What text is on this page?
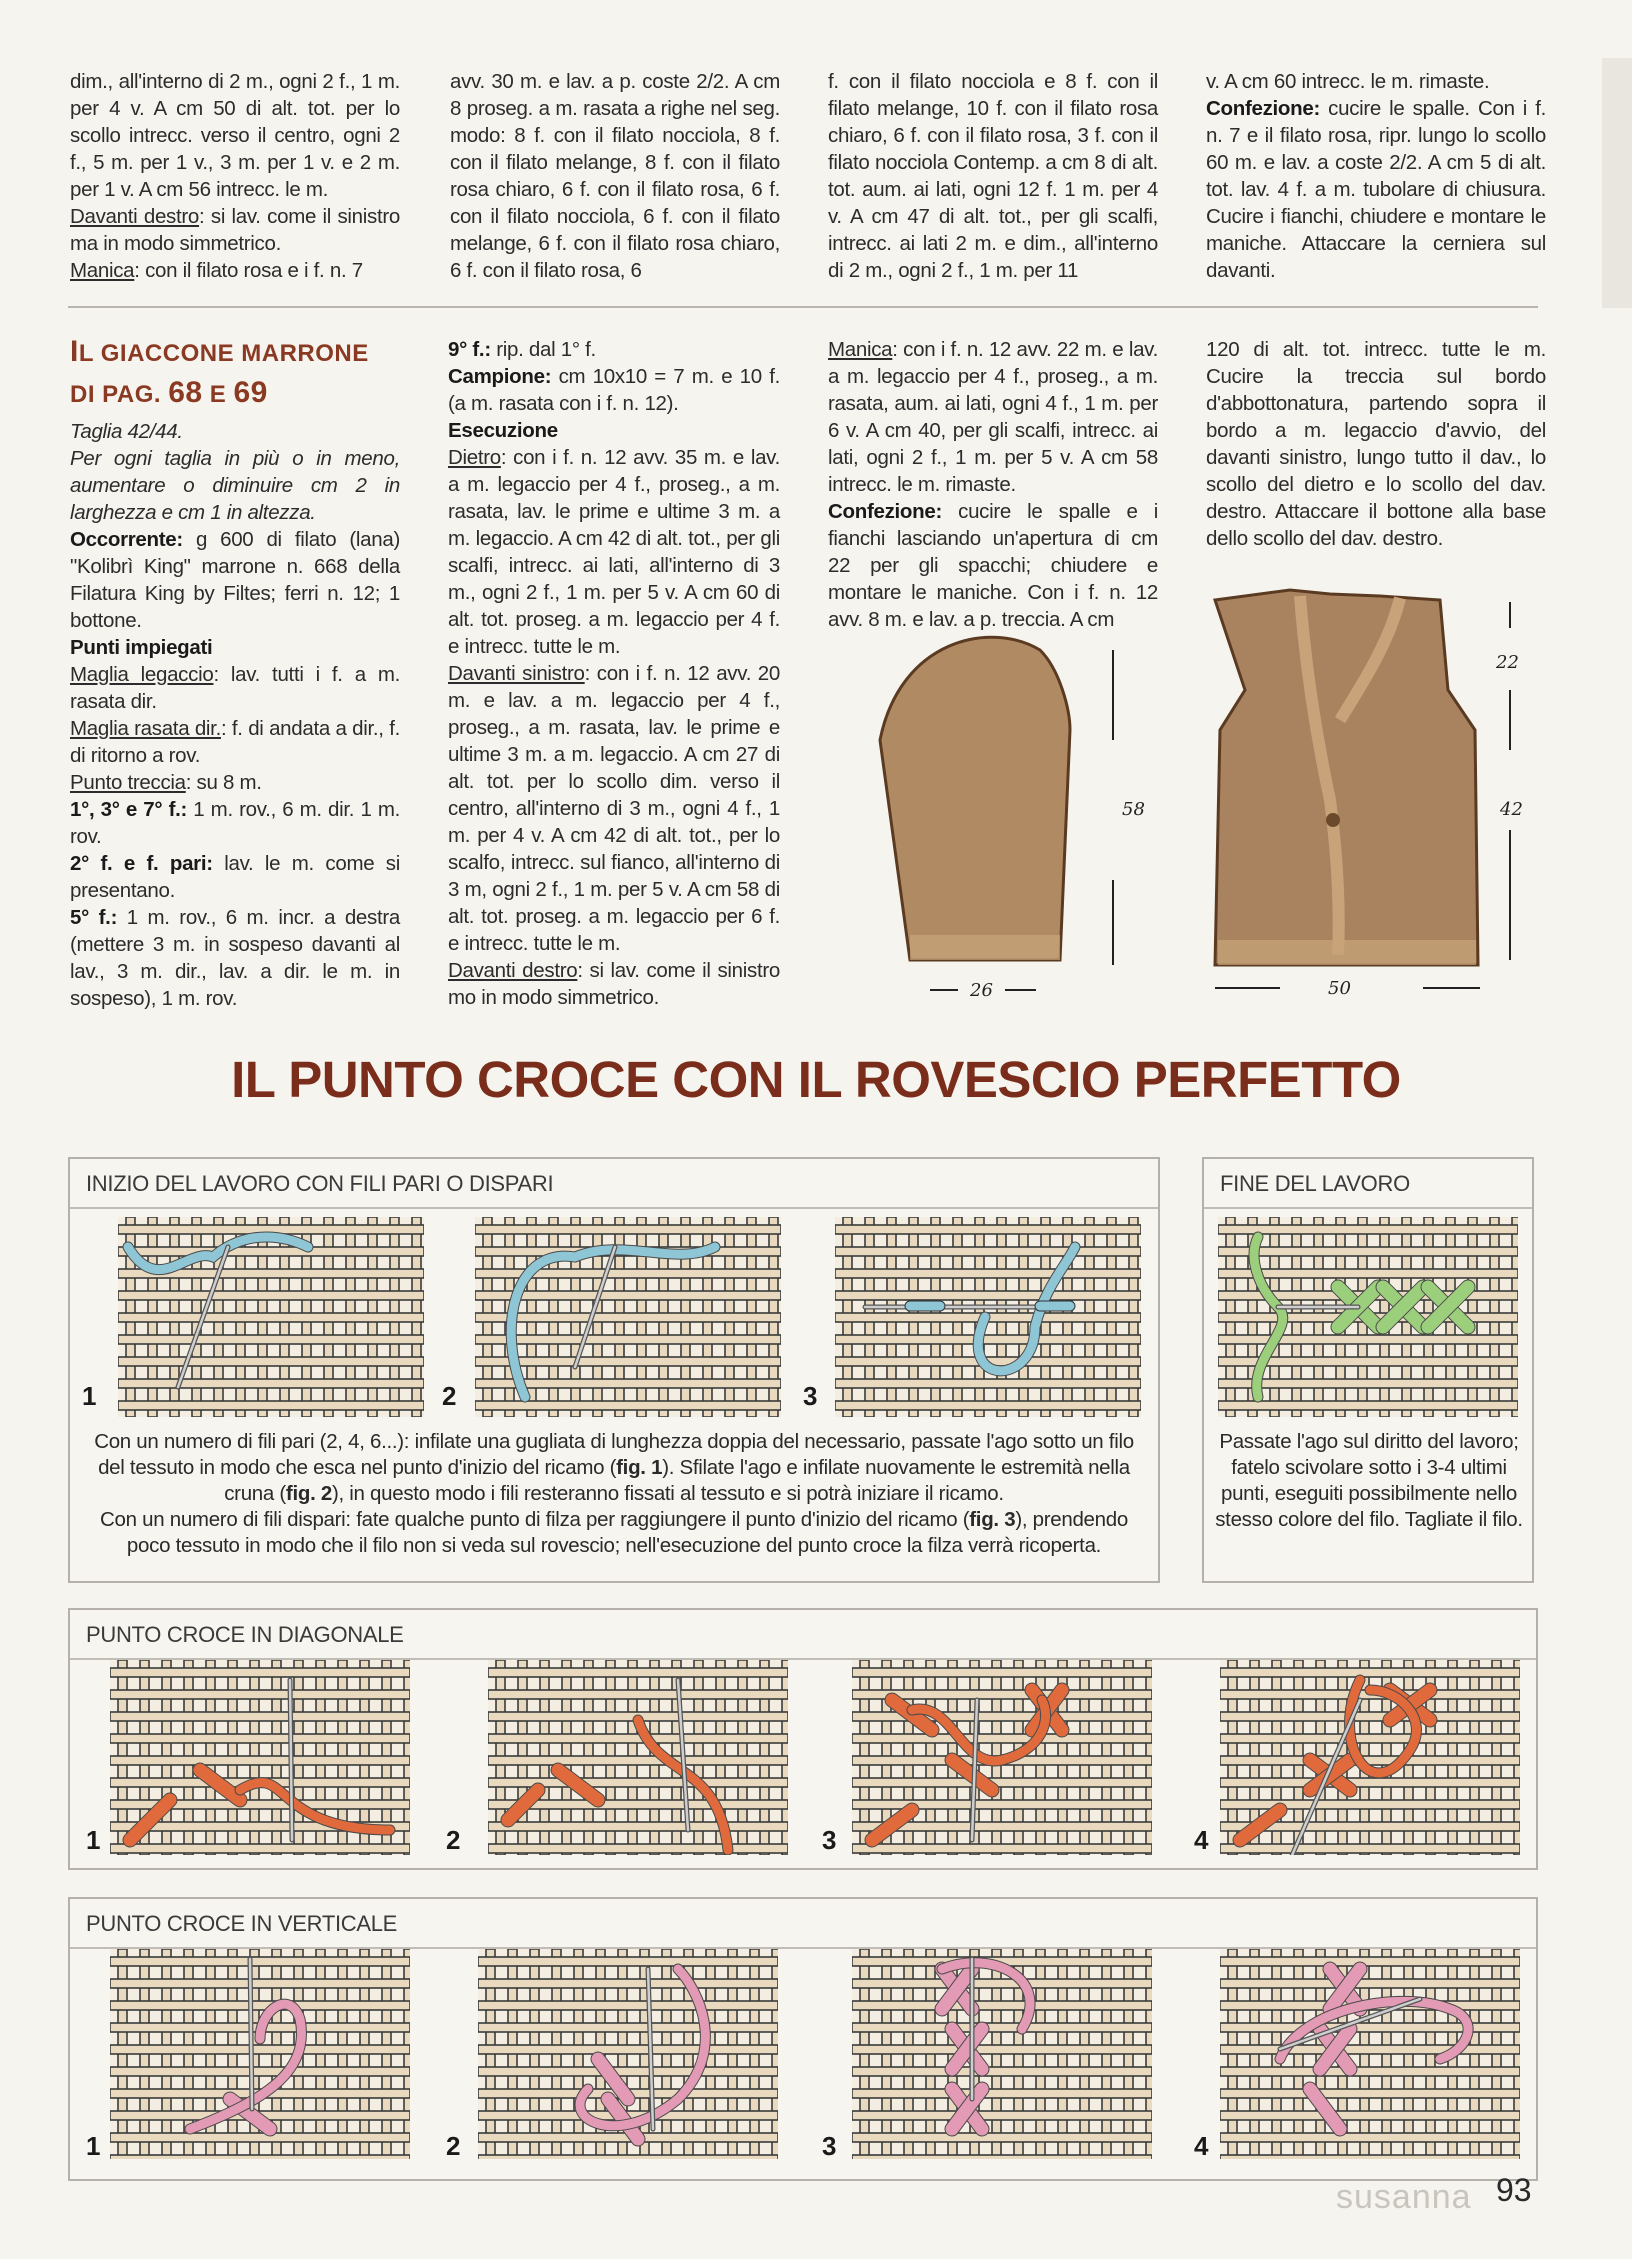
dim., all'interno di 2 m., ogni 2 f., 1 m. per 4 v. A cm 50 di alt. tot. per lo scollo intrecc. verso il centro, ogni 2 f., 5 m. per 1 v., 3 m. per 1 v. e 2 m. per 1 v. A cm 56 intrecc. le m.
Davanti destro: si lav. come il sinistro ma in modo simmetrico.
Manica: con il filato rosa e i f. n. 7

avv. 30 m. e lav. a p. coste 2/2. A cm 8 proseg. a m. rasata a righe nel seg. modo: 8 f. con il filato nocciola, 8 f. con il filato melange, 8 f. con il filato rosa chiaro, 6 f. con il filato rosa, 6 f. con il filato nocciola, 6 f. con il filato melange, 6 f. con il filato rosa chiaro, 6 f. con il filato rosa, 6

f. con il filato nocciola e 8 f. con il filato melange, 10 f. con il filato rosa chiaro, 6 f. con il filato rosa, 3 f. con il filato nocciola Contemp. a cm 8 di alt. tot. aum. ai lati, ogni 12 f. 1 m. per 4 v. A cm 47 di alt. tot., per gli scalfi, intrecc. ai lati 2 m. e dim., all'interno di 2 m., ogni 2 f., 1 m. per 11

v. A cm 60 intrecc. le m. rimaste.
Confezione: cucire le spalle. Con i f. n. 7 e il filato rosa, ripr. lungo lo scollo 60 m. e lav. a coste 2/2. A cm 5 di alt. tot. lav. 4 f. a m. tubolare di chiusura. Cucire i fianchi, chiudere e montare le maniche. Attaccare la cerniera sul davanti.

IL GIACCONE MARRONE
DI PAG. 68 E 69

Taglia 42/44.

Per ogni taglia in più o in meno, aumentare o diminuire cm 2 in larghezza e cm 1 in altezza.

Occorrente: g 600 di filato (lana) "Kolibrì King" marrone n. 668 della Filatura King by Filtes; ferri n. 12; 1 bottone.

Punti impiegati

Maglia legaccio: lav. tutti i f. a m. rasata dir.

Maglia rasata dir.: f. di andata a dir., f. di ritorno a rov.

Punto treccia: su 8 m.

1°, 3° e 7° f.: 1 m. rov., 6 m. dir. 1 m. rov.

2° f. e f. pari: lav. le m. come si presentano.

5° f.: 1 m. rov., 6 m. incr. a destra (mettere 3 m. in sospeso davanti al lav., 3 m. dir., lav. a dir. le m. in sospeso), 1 m. rov.

9° f.: rip. dal 1° f.

Campione: cm 10x10 = 7 m. e 10 f. (a m. rasata con i f. n. 12).

Esecuzione

Dietro: con i f. n. 12 avv. 35 m. e lav. a m. legaccio per 4 f., proseg., a m. rasata, lav. le prime e ultime 3 m. a m. legaccio. A cm 42 di alt. tot., per gli scalfi, intrecc. ai lati, all'interno di 3 m., ogni 2 f., 1 m. per 5 v. A cm 60 di alt. tot. proseg. a m. legaccio per 4 f. e intrecc. tutte le m.

Davanti sinistro: con i f. n. 12 avv. 20 m. e lav. a m. legaccio per 4 f., proseg., a m. rasata, lav. le prime e ultime 3 m. a m. legaccio. A cm 27 di alt. tot. per lo scollo dim. verso il centro, all'interno di 3 m., ogni 4 f., 1 m. per 4 v. A cm 42 di alt. tot., per lo scalfo, intrecc. sul fianco, all'interno di 3 m, ogni 2 f., 1 m. per 5 v. A cm 58 di alt. tot. proseg. a m. legaccio per 6 f. e intrecc. tutte le m.

Davanti destro: si lav. come il sinistro mo in modo simmetrico.

Manica: con i f. n. 12 avv. 22 m. e lav. a m. legaccio per 4 f., proseg., a m. rasata, aum. ai lati, ogni 4 f., 1 m. per 6 v. A cm 40, per gli scalfi, intrecc. ai lati, ogni 2 f., 1 m. per 5 v. A cm 58 intrecc. le m. rimaste.

Confezione: cucire le spalle e i fianchi lasciando un'apertura di cm 22 per gli spacchi; chiudere e montare le maniche. Con i f. n. 12 avv. 8 m. e lav. a p. treccia. A cm

120 di alt. tot. intrecc. tutte le m. Cucire la treccia sul bordo d'abbottonatura, partendo sopra il bordo a m. legaccio d'avvio, del davanti sinistro, lungo tutto il dav., lo scollo del dietro e lo scollo del dav. destro. Attaccare il bottone alla base dello scollo del dav. destro.

58
26
22
42
50
IL PUNTO CROCE CON IL ROVESCIO PERFETTO
INIZIO DEL LAVORO CON FILI PARI O DISPARI
1	2	3
Con un numero di fili pari (2, 4, 6...): infilate una gugliata di lunghezza doppia del necessario, passate l'ago sotto un filo del tessuto in modo che esca nel punto d'inizio del ricamo (fig. 1). Sfilate l'ago e infilate nuovamente le estremità nella cruna (fig. 2), in questo modo i fili resteranno fissati al tessuto e si potrà iniziare il ricamo.
Con un numero di fili dispari: fate qualche punto di filza per raggiungere il punto d'inizio del ricamo (fig. 3), prendendo poco tessuto in modo che il filo non si veda sul rovescio; nell'esecuzione del punto croce la filza verrà ricoperta.
FINE DEL LAVORO
Passate l'ago sul diritto del lavoro; fatelo scivolare sotto i 3-4 ultimi punti, eseguiti possibilmente nello stesso colore del filo. Tagliate il filo.
PUNTO CROCE IN DIAGONALE
1	2	3	4
PUNTO CROCE IN VERTICALE
1	2	3	4
susanna 93
